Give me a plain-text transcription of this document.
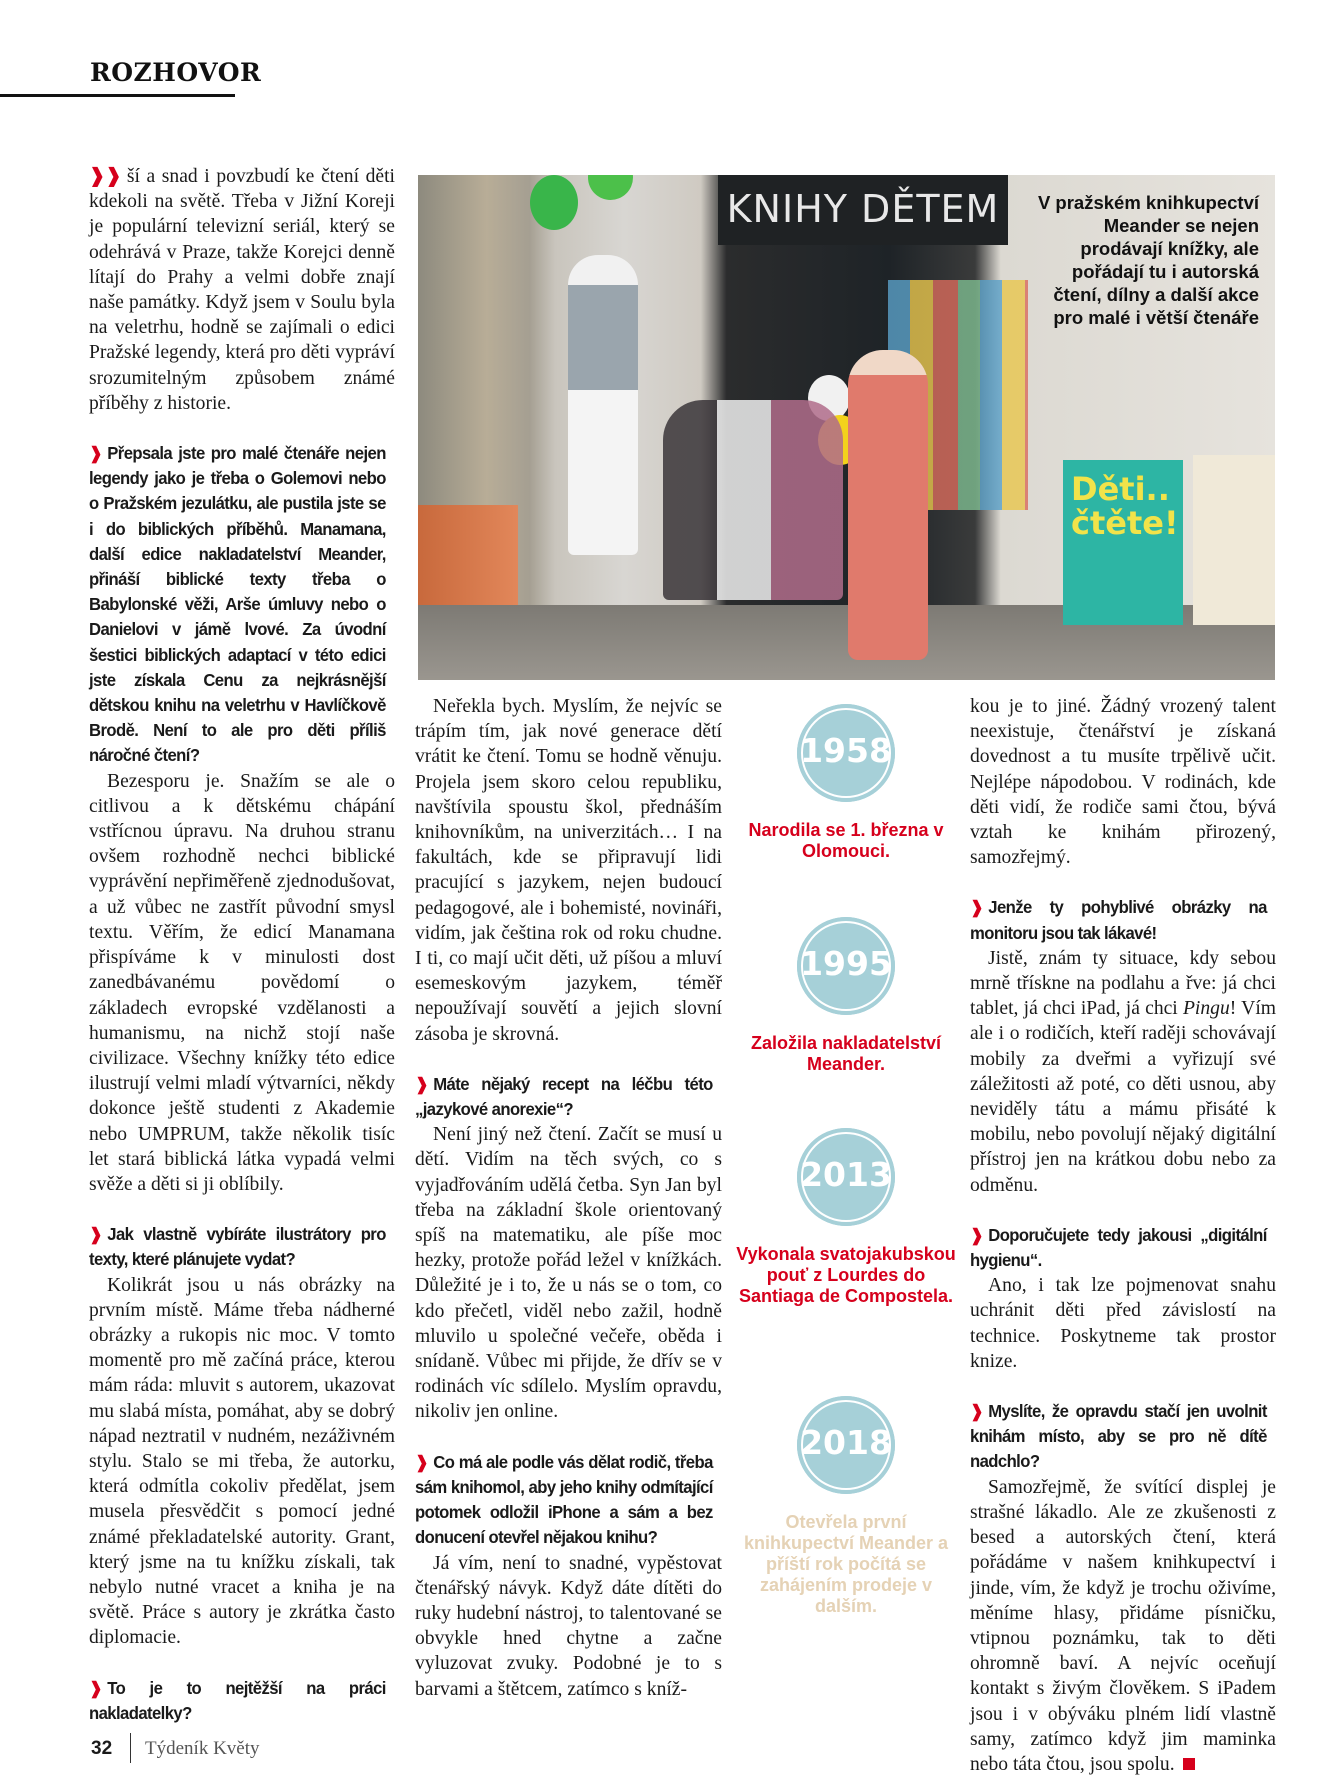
ROZHOVOR
KNIHY DĚTEM
Děti.. čtěte!
V pražském knihkupectví Meander se nejen prodávají knížky, ale pořádají tu i autorská čtení, dílny a další akce pro malé i větší čtenáře

❱❱ ší a snad i povzbudí ke čtení děti kdekoli na světě. Třeba v Jižní Koreji je populární televizní seriál, který se odehrává v Praze, takže Korejci denně lítají do Prahy a velmi dobře znají naše památky. Když jsem v Soulu byla na veletrhu, hodně se zajímali o edici Pražské legendy, která pro děti vypráví srozumitelným způsobem známé příběhy z historie.

❱ Přepsala jste pro malé čtenáře nejen legendy jako je třeba o Golemovi nebo o Pražském jezulátku, ale pustila jste se i do biblických příběhů. Manamana, další edice nakladatelství Meander, přináší biblické texty třeba o Babylonské věži, Arše úmluvy nebo o Danielovi v jámě lvové. Za úvodní šestici biblických adaptací v této edici jste získala Cenu za nejkrásnější dětskou knihu na veletrhu v Havlíčkově Brodě. Není to ale pro děti příliš náročné čtení?

Bezesporu je. Snažím se ale o citlivou a k dětskému chápání vstřícnou úpravu. Na druhou stranu ovšem rozhodně nechci biblické vyprávění nepřiměřeně zjednodušovat, a už vůbec ne zastřít původní smysl textu. Věřím, že edicí Manamana přispíváme k v minulosti dost zanedbávanému povědomí o základech evropské vzdělanosti a humanismu, na nichž stojí naše civilizace. Všechny knížky této edice ilustrují velmi mladí výtvarníci, někdy dokonce ještě studenti z Akademie nebo UMPRUM, takže několik tisíc let stará biblická látka vypadá velmi svěže a děti si ji oblíbily.

❱ Jak vlastně vybíráte ilustrátory pro texty, které plánujete vydat?

Kolikrát jsou u nás obrázky na prvním místě. Máme třeba nádherné obrázky a rukopis nic moc. V tomto momentě pro mě začíná práce, kterou mám ráda: mluvit s autorem, ukazovat mu slabá místa, pomáhat, aby se dobrý nápad neztratil v nudném, nezáživném stylu. Stalo se mi třeba, že autorku, která odmítla cokoliv předělat, jsem musela přesvědčit s pomocí jedné známé překladatelské autority. Grant, který jsme na tu knížku získali, tak nebylo nutné vracet a kniha je na světě. Práce s autory je zkrátka často diplomacie.

❱ To je to nejtěžší na práci nakladatelky?

Neřekla bych. Myslím, že nejvíc se trápím tím, jak nové generace dětí vrátit ke čtení. Tomu se hodně věnuju. Projela jsem skoro celou republiku, navštívila spoustu škol, přednáším knihovníkům, na univerzitách… I na fakultách, kde se připravují lidi pracující s jazykem, nejen budoucí pedagogové, ale i bohemisté, novináři, vidím, jak čeština rok od roku chudne. I ti, co mají učit děti, už píšou a mluví esemeskovým jazykem, téměř nepoužívají souvětí a jejich slovní zásoba je skrovná.

❱ Máte nějaký recept na léčbu této „jazykové anorexie“?

Není jiný než čtení. Začít se musí u dětí. Vidím na těch svých, co s vyjadřováním udělá četba. Syn Jan byl třeba na základní škole orientovaný spíš na matematiku, ale píše moc hezky, protože pořád ležel v knížkách. Důležité je i to, že u nás se o tom, co kdo přečetl, viděl nebo zažil, hodně mluvilo u společné večeře, oběda i snídaně. Vůbec mi přijde, že dřív se v rodinách víc sdílelo. Myslím opravdu, nikoliv jen online.

❱ Co má ale podle vás dělat rodič, třeba sám knihomol, aby jeho knihy odmítající potomek odložil iPhone a sám a bez donucení otevřel nějakou knihu?

Já vím, není to snadné, vypěstovat čtenářský návyk. Když dáte dítěti do ruky hudební nástroj, to talentované se obvykle hned chytne a začne vyluzovat zvuky. Podobné je to s barvami a štětcem, zatímco s kníž-

1958
Narodila se 1. března v Olomouci.
1995
Založila nakladatelství Meander.
2013
Vykonala svatojakubskou pouť z Lourdes do Santiaga de Compostela.
2018
Otevřela první knihkupectví Meander a příští rok počítá se zahájením prodeje v dalším.

kou je to jiné. Žádný vrozený talent neexistuje, čtenářství je získaná dovednost a tu musíte trpělivě učit. Nejlépe nápodobou. V rodinách, kde děti vidí, že rodiče sami čtou, bývá vztah ke knihám přirozený, samozřejmý.

❱ Jenže ty pohyblivé obrázky na monitoru jsou tak lákavé!

Jistě, znám ty situace, kdy sebou mrně třískne na podlahu a řve: já chci tablet, já chci iPad, já chci Pingu! Vím ale i o rodičích, kteří raději schovávají mobily za dveřmi a vyřizují své záležitosti až poté, co děti usnou, aby neviděly tátu a mámu přisáté k mobilu, nebo povolují nějaký digitální přístroj jen na krátkou dobu nebo za odměnu.

❱ Doporučujete tedy jakousi „digitální hygienu“.

Ano, i tak lze pojmenovat snahu uchránit děti před závislostí na technice. Poskytneme tak prostor knize.

❱ Myslíte, že opravdu stačí jen uvolnit knihám místo, aby se pro ně dítě nadchlo?

Samozřejmě, že svítící displej je strašné lákadlo. Ale ze zkušenosti z besed a autorských čtení, která pořádáme v našem knihkupectví i jinde, vím, že když je trochu oživíme, měníme hlasy, přidáme písničku, vtipnou poznámku, tak to děti ohromně baví. A nejvíc oceňují kontakt s živým člověkem. S iPadem jsou i v obýváku plném lidí vlastně samy, zatímco když jim maminka nebo táta čtou, jsou spolu.

32 Týdeník Květy
